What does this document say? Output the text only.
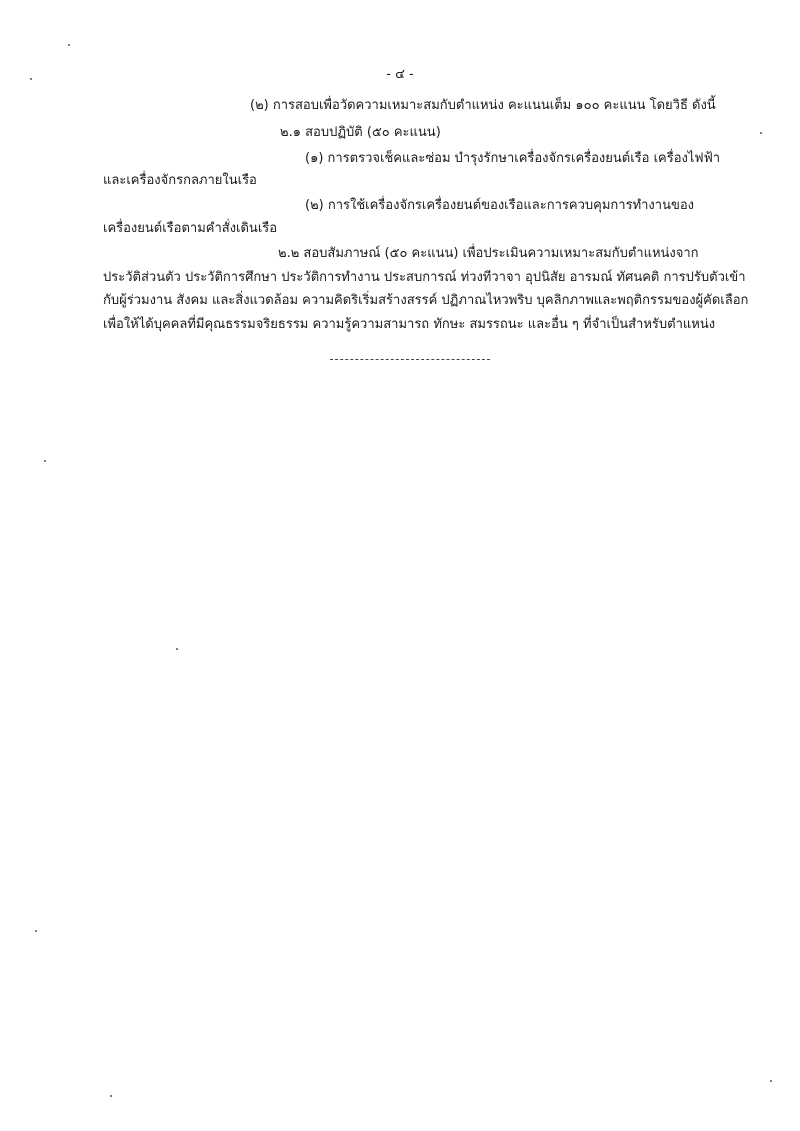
- ๔ -
(๒) การสอบเพื่อวัดความเหมาะสมกับตำแหน่ง คะแนนเต็ม ๑๐๐ คะแนน โดยวิธี ดังนี้
๒.๑ สอบปฏิบัติ (๕๐ คะแนน)
(๑) การตรวจเช็คและซ่อม บำรุงรักษาเครื่องจักรเครื่องยนต์เรือ เครื่องไฟฟ้า
และเครื่องจักรกลภายในเรือ
(๒) การใช้เครื่องจักรเครื่องยนต์ของเรือและการควบคุมการทำงานของ
เครื่องยนต์เรือตามคำสั่งเดินเรือ
๒.๒ สอบสัมภาษณ์ (๕๐ คะแนน) เพื่อประเมินความเหมาะสมกับตำแหน่งจาก
ประวัติส่วนตัว ประวัติการศึกษา ประวัติการทำงาน ประสบการณ์ ท่วงทีวาจา อุปนิสัย อารมณ์ ทัศนคติ การปรับตัวเข้า
กับผู้ร่วมงาน สังคม และสิ่งแวดล้อม ความคิดริเริ่มสร้างสรรค์ ปฏิภาณไหวพริบ บุคลิกภาพและพฤติกรรมของผู้คัดเลือก
เพื่อให้ได้บุคคลที่มีคุณธรรมจริยธรรม ความรู้ความสามารถ ทักษะ สมรรถนะ และอื่น ๆ ที่จำเป็นสำหรับตำแหน่ง
